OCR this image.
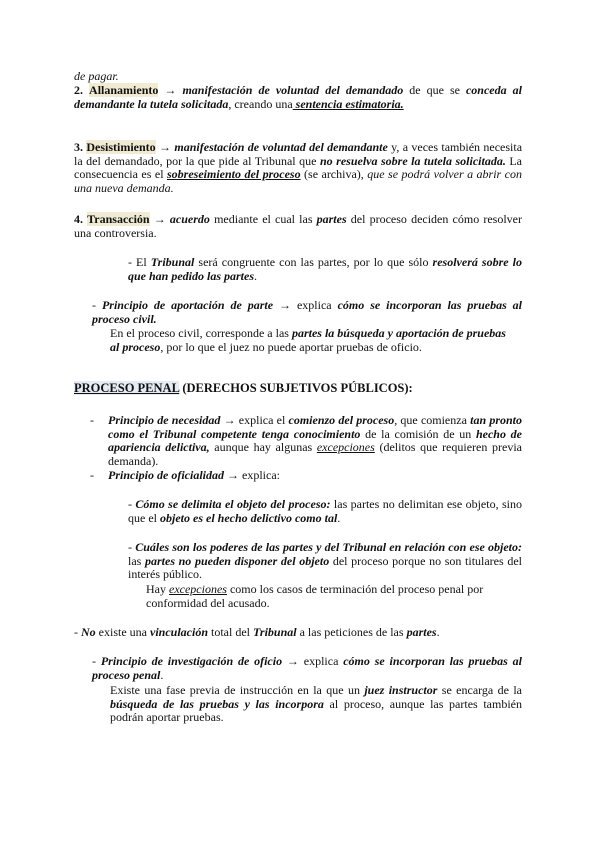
de pagar.

2. Allanamiento → manifestación de voluntad del demandado de que se conceda al demandante la tutela solicitada, creando una sentencia estimatoria.

3. Desistimiento → manifestación de voluntad del demandante y, a veces también necesita la del demandado, por la que pide al Tribunal que no resuelva sobre la tutela solicitada. La consecuencia es el sobreseimiento del proceso (se archiva), que se podrá volver a abrir con una nueva demanda.

4. Transacción → acuerdo mediante el cual las partes del proceso deciden cómo resolver una controversia.

- El Tribunal será congruente con las partes, por lo que sólo resolverá sobre lo que han pedido las partes.

- Principio de aportación de parte → explica cómo se incorporan las pruebas al proceso civil.

En el proceso civil, corresponde a las partes la búsqueda y aportación de pruebas al proceso, por lo que el juez no puede aportar pruebas de oficio.

PROCESO PENAL (DERECHOS SUBJETIVOS PÚBLICOS):

- Principio de necesidad → explica el comienzo del proceso, que comienza tan pronto como el Tribunal competente tenga conocimiento de la comisión de un hecho de apariencia delictiva, aunque hay algunas excepciones (delitos que requieren previa demanda).

- Principio de oficialidad → explica:

- Cómo se delimita el objeto del proceso: las partes no delimitan ese objeto, sino que el objeto es el hecho delictivo como tal.

- Cuáles son los poderes de las partes y del Tribunal en relación con ese objeto: las partes no pueden disponer del objeto del proceso porque no son titulares del interés público.

Hay excepciones como los casos de terminación del proceso penal por conformidad del acusado.

- No existe una vinculación total del Tribunal a las peticiones de las partes.

- Principio de investigación de oficio → explica cómo se incorporan las pruebas al proceso penal.

Existe una fase previa de instrucción en la que un juez instructor se encarga de la búsqueda de las pruebas y las incorpora al proceso, aunque las partes también podrán aportar pruebas.
